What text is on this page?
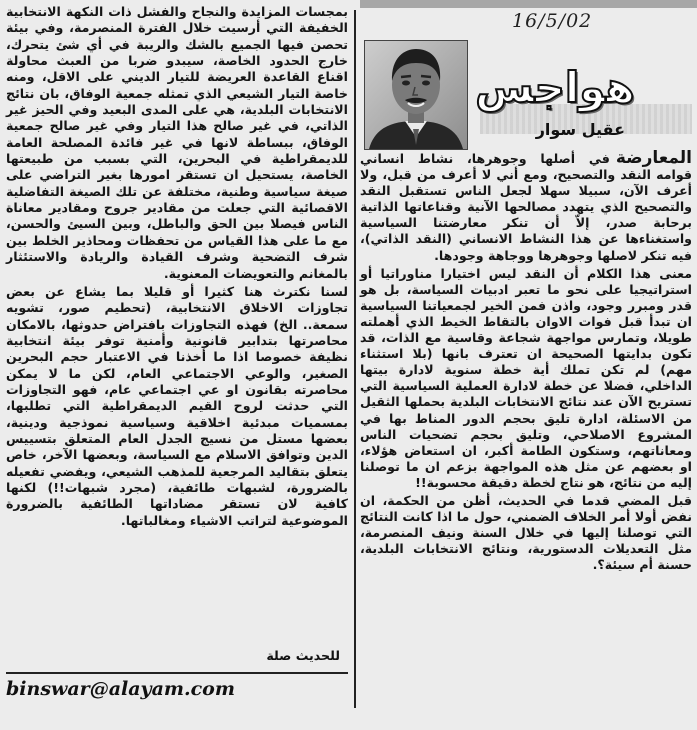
16/5/02
هواجس
عقيل سوار

المعارضةفي أصلها وجوهرها، نشاط انساني قوامه النقد والتصحيح، ومع أني لا أعرف من قبل، ولا أعرف الآن، سبيلا سهلا لجعل الناس تستقبل النقد والتصحيح الذي يتهدد مصالحها الآنية وقناعاتها الذاتية برحابة صدر، إلاّ أن تنكر معارضتنا السياسية واستغناءها عن هذا النشاط الانساني (النقد الذاتي)، فيه تنكر لاصلها وجوهرها ووجاهة وجودها.

معنى هذا الكلام أن النقد ليس اختيارا مناوراتيا أو استراتيجيا على نحو ما تعبر ادبيات السياسة، بل هو قدر ومبرر وجود، واذن فمن الخير لجمعياتنا السياسية ان تبدأ قبل فوات الاوان بالتقاط الخيط الذي أهملته طويلا، وتمارس مواجهة شجاعة وقاسية مع الذات، قد تكون بدايتها الصحيحة ان تعترف بانها (بلا استثناء مهم) لم تكن تملك أية خطة سنوية لادارة بيتها الداخلي، فضلا عن خطة لادارة العملية السياسية التي تستريح الآن عند نتائج الانتخابات البلدية بحملها الثقيل من الاسئلة، ادارة تليق بحجم الدور المناط بها في المشروع الاصلاحي، وتليق بحجم تضحيات الناس ومعاناتهم، وستكون الطامة أكبر، ان استعاض هؤلاء، او بعضهم عن مثل هذه المواجهة بزعم ان ما توصلنا إليه من نتائج، هو نتاج لخطة دقيقة محسوبة!!

قبل المضي قدما في الحديث، أظن من الحكمة، ان نفض أولا أمر الخلاف الضمني، حول ما اذا كانت النتائج التي توصلنا إليها في خلال السنة ونيف المنصرمة، مثل التعديلات الدستورية، ونتائج الانتخابات البلدية، حسنة أم سيئة؟.

بمجسات المزايدة والنجاح والفشل ذات النكهة الانتخابية الخفيفة التي أرسيت خلال الفترة المنصرمة، وفي بيئة تحصن فيها الجميع بالشك والريبة في أي شئ يتحرك، خارج الحدود الخاصة، سيبدو ضربا من العبث محاولة اقناع القاعدة العريضة للتيار الديني على الاقل، ومنه خاصة التيار الشيعي الذي تمثله جمعية الوفاق، بان نتائج الانتخابات البلدية، هي على المدى البعيد وفي الحيز غير الذاتي، في غير صالح هذا التيار وفي غير صالح جمعية الوفاق، ببساطة لانها في غير فائدة المصلحة العامة للديمقراطية في البحرين، التي بسبب من طبيعتها الخاصة، يستحيل ان تستقر امورها بغير التراضي على صيغة سياسية وطنية، مختلفة عن تلك الصيغة التفاضلية الاقصائية التي جعلت من مقادير جروح ومقادير معاناة الناس فيصلا بين الحق والباطل، وبين السيئ والحسن، مع ما على هذا القياس من تحفظات ومحاذير الخلط بين شرف التضحية وشرف القيادة والريادة والاستئثار بالمغانم والتعويضات المعنوية.

لسنا نكترث هنا كثيرا أو قليلا بما يشاع عن بعض تجاوزات الاخلاق الانتخابية، (تحطيم صور، تشويه سمعة.. الخ) فهذه التجاوزات بافتراض حدوثها، بالامكان محاصرتها بتدابير قانونية وأمنية توفر بيئة انتخابية نظيفة خصوصا اذا ما أخذنا في الاعتبار حجم البحرين الصغير، والوعي الاجتماعي العام، لكن ما لا يمكن محاصرته بقانون او عي اجتماعي عام، فهو التجاوزات التي حدثت لروح القيم الديمقراطية التي تطلبها، بمسميات مبدئية اخلاقية وسياسية نموذجية ودينية، بعضها مستل من نسيج الجدل العام المتعلق بتسييس الدين وتوافق الاسلام مع السياسة، وبعضها الآخر، خاص يتعلق بتقاليد المرجعية للمذهب الشيعي، ويفضي تفعيله بالضرورة، لشبهات طائفية، (مجرد شبهات!!) لكنها كافية لان تستقر مضاداتها الطائفية بالضرورة الموضوعية لتراتب الاشياء ومغالباتها.

للحديث صلة
binswar@alayam.com
